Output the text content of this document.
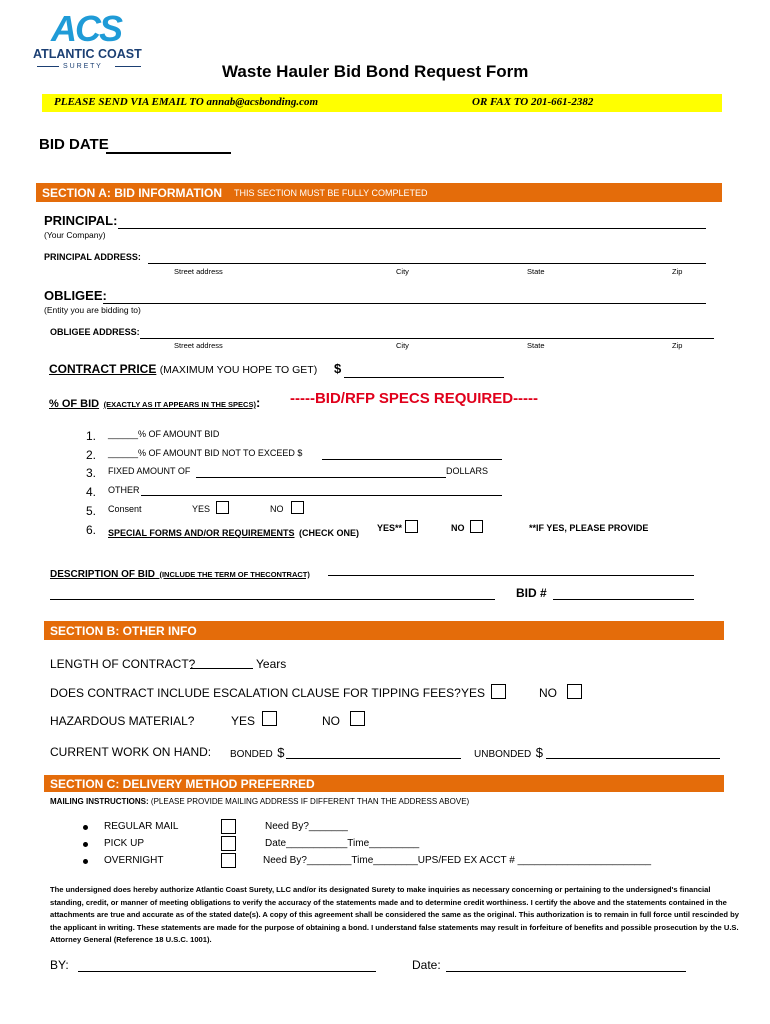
ACS
ATLANTIC COAST
S U R E T Y	Waste Hauler Bid Bond Request Form
PLEASE SEND VIA EMAIL TO annab@acsbonding.com	OR FAX TO 201-661-2382
BID DATE
SECTION A: BID INFORMATION THIS SECTION MUST BE FULLY COMPLETED
PRINCIPAL:
(Your Company)
PRINCIPAL ADDRESS:
Street address	City	State	Zip
OBLIGEE:
(Entity you are bidding to)
OBLIGEE ADDRESS:
Street address	City	State	Zip
CONTRACT PRICE (MAXIMUM YOU HOPE TO GET) $
% OF BID (EXACTLY AS IT APPEARS IN THE SPECS): -----BID/RFP SPECS REQUIRED-----
1. ______% OF AMOUNT BID
2. ______% OF AMOUNT BID NOT TO EXCEED $
3. FIXED AMOUNT OF	DOLLARS
4. OTHER
5. Consent	YES	NO
6. SPECIAL FORMS AND/OR REQUIREMENTS (CHECK ONE) YES**	NO	**IF YES, PLEASE PROVIDE
DESCRIPTION OF BID (INCLUDE THE TERM OF THECONTRACT)
BID #
SECTION B: OTHER INFO
LENGTH OF CONTRACT?	Years
DOES CONTRACT INCLUDE ESCALATION CLAUSE FOR TIPPING FEES? YES	NO
HAZARDOUS MATERIAL?	YES	NO
CURRENT WORK ON HAND: BONDED $	UNBONDED $
SECTION C: DELIVERY METHOD PREFERRED
MAILING INSTRUCTIONS: (PLEASE PROVIDE MAILING ADDRESS IF DIFFERENT THAN THE ADDRESS ABOVE)
REGULAR MAIL	Need By?_______
PICK UP	Date___________Time_________
OVERNIGHT	Need By?________Time________UPS/FED EX ACCT # ________________________
The undersigned does hereby authorize Atlantic Coast Surety, LLC and/or its designated Surety to make inquiries as necessary concerning or pertaining to the undersigned's financial standing, credit, or manner of meeting obligations to verify the accuracy of the statements made and to determine credit worthiness. I certify the above and the statements contained in the attachments are true and accurate as of the stated date(s). A copy of this agreement shall be considered the same as the original. This authorization is to remain in full force until rescinded by the applicant in writing. These statements are made for the purpose of obtaining a bond. I understand false statements may result in forfeiture of benefits and possible prosecution by the U.S. Attorney General (Reference 18 U.S.C. 1001).
BY:	Date:
